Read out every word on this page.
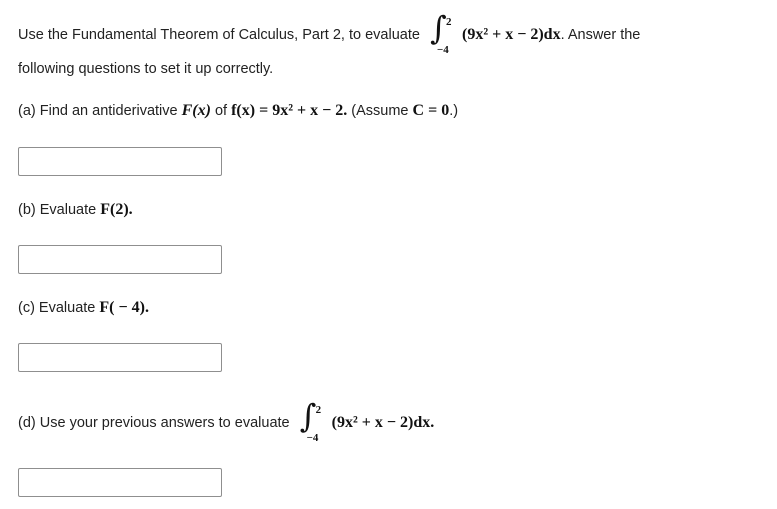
Use the Fundamental Theorem of Calculus, Part 2, to evaluate ∫ 2
−4
(9x² + x − 2)dx. Answer the
following questions to set it up correctly.
(a) Find an antiderivative F(x) of f(x) = 9x² + x − 2. (Assume C = 0.)
(b) Evaluate F(2).
(c) Evaluate F( − 4).
(d) Use your previous answers to evaluate ∫ 2
−4
(9x² + x − 2)dx.
